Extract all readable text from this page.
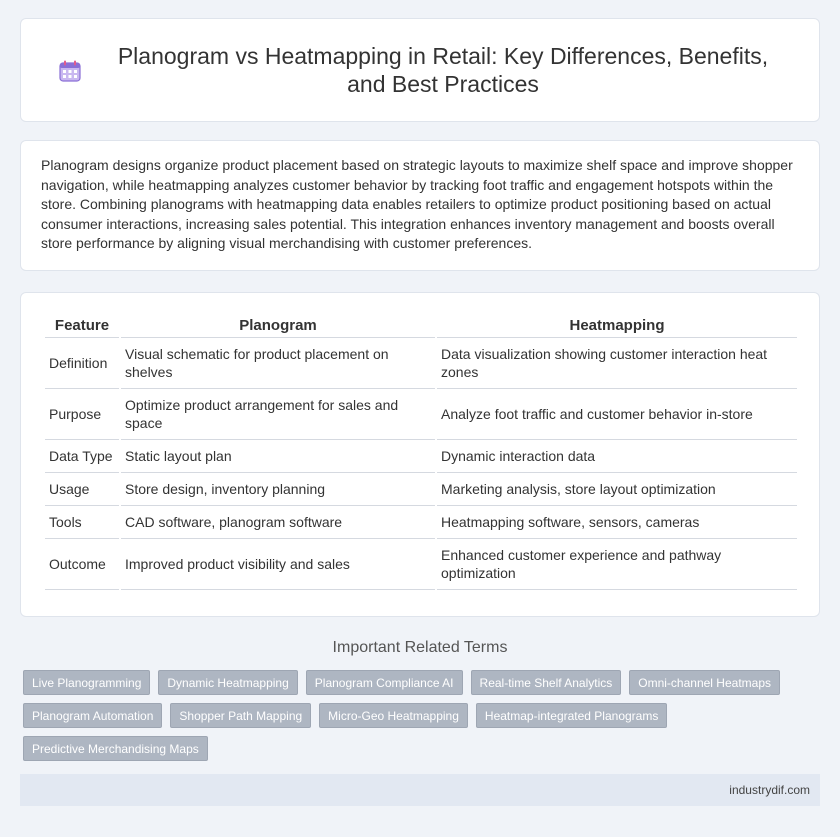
Planogram vs Heatmapping in Retail: Key Differences, Benefits, and Best Practices

Planogram designs organize product placement based on strategic layouts to maximize shelf space and improve shopper navigation, while heatmapping analyzes customer behavior by tracking foot traffic and engagement hotspots within the store. Combining planograms with heatmapping data enables retailers to optimize product positioning based on actual consumer interactions, increasing sales potential. This integration enhances inventory management and boosts overall store performance by aligning visual merchandising with customer preferences.

Feature	Planogram	Heatmapping
Definition	Visual schematic for product placement on shelves	Data visualization showing customer interaction heat zones
Purpose	Optimize product arrangement for sales and space	Analyze foot traffic and customer behavior in-store
Data Type	Static layout plan	Dynamic interaction data
Usage	Store design, inventory planning	Marketing analysis, store layout optimization
Tools	CAD software, planogram software	Heatmapping software, sensors, cameras
Outcome	Improved product visibility and sales	Enhanced customer experience and pathway optimization
Important Related Terms
Live Planogramming	Dynamic Heatmapping	Planogram Compliance AI	Real-time Shelf Analytics	Omni-channel Heatmaps
Planogram Automation	Shopper Path Mapping	Micro-Geo Heatmapping	Heatmap-integrated Planograms
Predictive Merchandising Maps
industrydif.com
